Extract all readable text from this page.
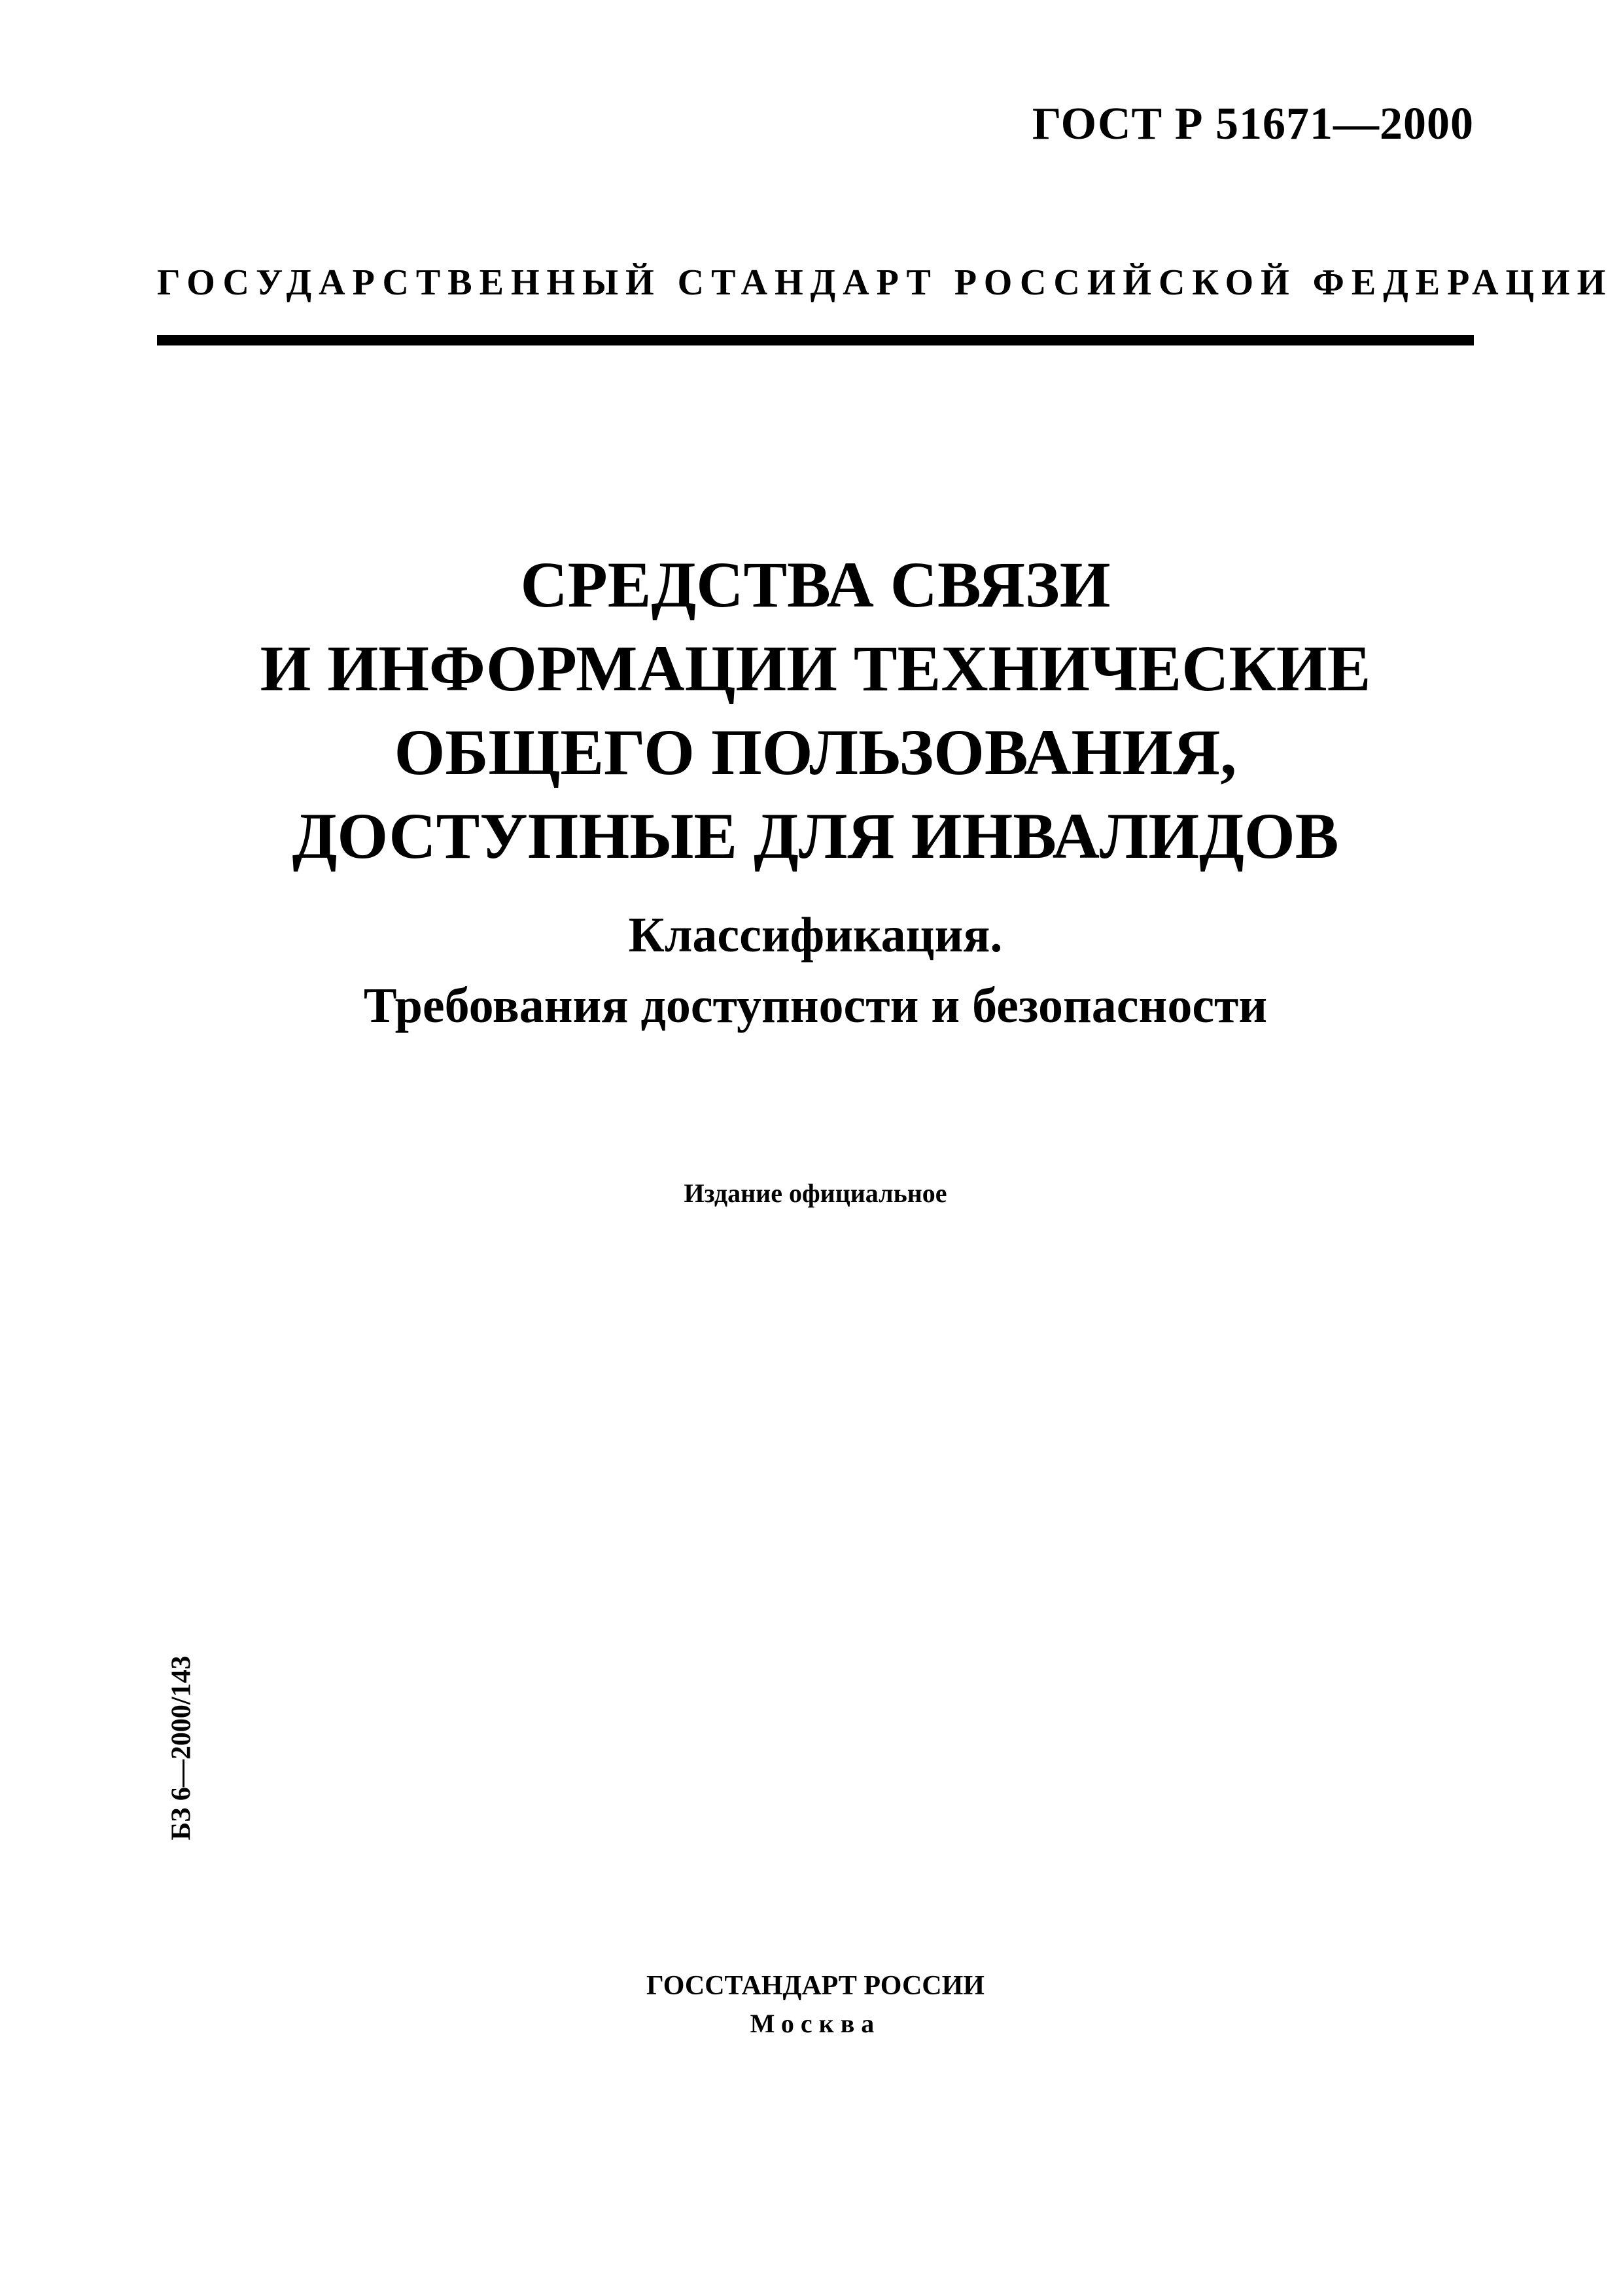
ГОСТ Р 51671—2000
ГОСУДАРСТВЕННЫЙ СТАНДАРТ РОССИЙСКОЙ ФЕДЕРАЦИИ
СРЕДСТВА СВЯЗИ
И ИНФОРМАЦИИ ТЕХНИЧЕСКИЕ
ОБЩЕГО ПОЛЬЗОВАНИЯ,
ДОСТУПНЫЕ ДЛЯ ИНВАЛИДОВ
Классификация.
Требования доступности и безопасности
Издание официальное
БЗ 6—2000/143
ГОССТАНДАРТ РОССИИ
Москва
